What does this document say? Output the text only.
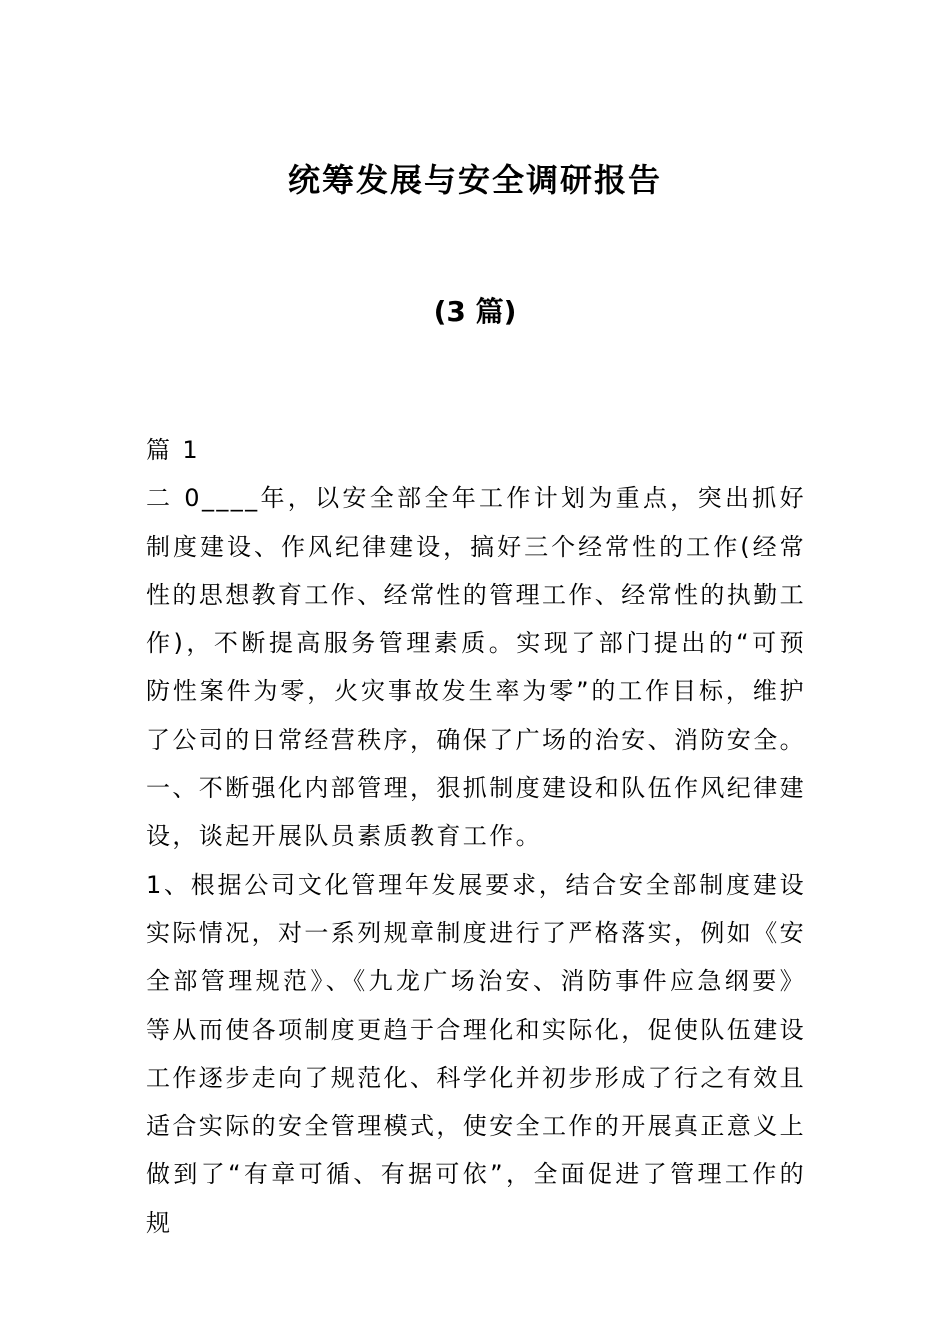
统筹发展与安全调研报告
(3 篇)

篇 1

二 0____年，以安全部全年工作计划为重点，突出抓好制度建设、作风纪律建设，搞好三个经常性的工作(经常性的思想教育工作、经常性的管理工作、经常性的执勤工作)，不断提高服务管理素质。实现了部门提出的“可预防性案件为零，火灾事故发生率为零”的工作目标，维护了公司的日常经营秩序，确保了广场的治安、消防安全。

一、不断强化内部管理，狠抓制度建设和队伍作风纪律建设，谈起开展队员素质教育工作。

1、根据公司文化管理年发展要求，结合安全部制度建设实际情况，对一系列规章制度进行了严格落实，例如《安全部管理规范》、《九龙广场治安、消防事件应急纲要》等从而使各项制度更趋于合理化和实际化，促使队伍建设工作逐步走向了规范化、科学化并初步形成了行之有效且适合实际的安全管理模式，使安全工作的开展真正意义上做到了“有章可循、有据可依”，全面促进了管理工作的规
